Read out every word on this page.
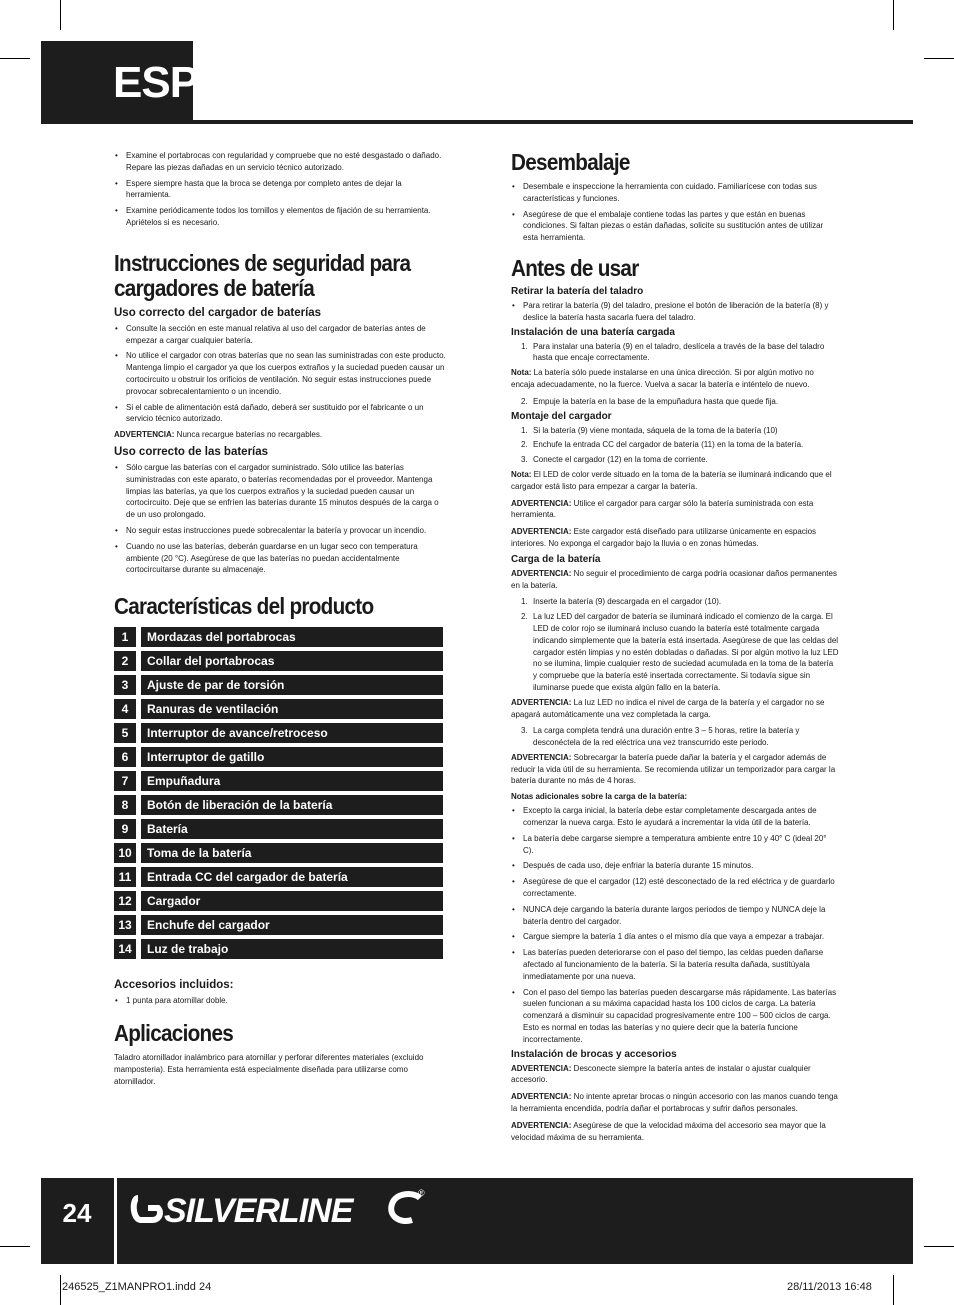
ESP
• Examine el portabrocas con regularidad y compruebe que no esté desgastado o dañado. Repare las piezas dañadas en un servicio técnico autorizado.
• Espere siempre hasta que la broca se detenga por completo antes de dejar la herramienta.
• Examine periódicamente todos los tornillos y elementos de fijación de su herramienta. Apriételos si es necesario.
Instrucciones de seguridad para cargadores de batería
Uso correcto del cargador de baterías
• Consulte la sección en este manual relativa al uso del cargador de baterías antes de empezar a cargar cualquier batería.
• No utilice el cargador con otras baterías que no sean las suministradas con este producto. Mantenga limpio el cargador ya que los cuerpos extraños y la suciedad pueden causar un cortocircuito u obstruir los orificios de ventilación. No seguir estas instrucciones puede provocar sobrecalentamiento o un incendio.
• Si el cable de alimentación está dañado, deberá ser sustituido por el fabricante o un servicio técnico autorizado.

ADVERTENCIA: Nunca recargue baterías no recargables.

Uso correcto de las baterías
• Sólo cargue las baterías con el cargador suministrado. Sólo utilice las baterías suministradas con este aparato, o baterías recomendadas por el proveedor. Mantenga limpias las baterías, ya que los cuerpos extraños y la suciedad pueden causar un cortocircuito. Deje que se enfríen las baterías durante 15 minutos después de la carga o de un uso prolongado.
• No seguir estas instrucciones puede sobrecalentar la batería y provocar un incendio.
• Cuando no use las baterías, deberán guardarse en un lugar seco con temperatura ambiente (20 °C). Asegúrese de que las baterías no puedan accidentalmente cortocircuitarse durante su almacenaje.
Características del producto
1		Mordazas del portabrocas
2		Collar del portabrocas
3		Ajuste de par de torsión
4		Ranuras de ventilación
5		Interruptor de avance/retroceso
6		Interruptor de gatillo
7		Empuñadura
8		Botón de liberación de la batería
9		Batería
10		Toma de la batería
11		Entrada CC del cargador de batería
12		Cargador
13		Enchufe del cargador
14		Luz de trabajo
Accesorios incluidos:
• 1 punta para atornillar doble.
Aplicaciones

Taladro atornillador inalámbrico para atornillar y perforar diferentes materiales (excluido mamposteria). Esta herramienta está especialmente diseñada para utilizarse como atornillador.

Desembalaje
• Desembale e inspeccione la herramienta con cuidado. Familiarícese con todas sus características y funciones.
• Asegúrese de que el embalaje contiene todas las partes y que están en buenas condiciones. Si faltan piezas o están dañadas, solicite su sustitución antes de utilizar esta herramienta.
Antes de usar
Retirar la batería del taladro
• Para retirar la batería (9) del taladro, presione el botón de liberación de la batería (8) y deslice la batería hasta sacarla fuera del taladro.
Instalación de una batería cargada
1. Para instalar una batería (9) en el taladro, deslícela a través de la base del taladro hasta que encaje correctamente.

Nota: La batería sólo puede instalarse en una única dirección. Si por algún motivo no encaja adecuadamente, no la fuerce. Vuelva a sacar la batería e inténtelo de nuevo.

2. Empuje la batería en la base de la empuñadura hasta que quede fija.
Montaje del cargador
1. Si la batería (9) viene montada, sáquela de la toma de la batería (10)
2. Enchufe la entrada CC del cargador de batería (11) en la toma de la batería.
3. Conecte el cargador (12) en la toma de corriente.

Nota: El LED de color verde situado en la toma de la batería se iluminará indicando que el cargador está listo para empezar a cargar la batería.

ADVERTENCIA: Utilice el cargador para cargar sólo la batería suministrada con esta herramienta.

ADVERTENCIA: Este cargador está diseñado para utilizarse únicamente en espacios interiores. No exponga el cargador bajo la lluvia o en zonas húmedas.

Carga de la batería

ADVERTENCIA: No seguir el procedimiento de carga podría ocasionar daños permanentes en la batería.

1. Inserte la batería (9) descargada en el cargador (10).
2. La luz LED del cargador de batería se iluminará indicado el comienzo de la carga. El LED de color rojo se iluminará incluso cuando la batería esté totalmente cargada indicando simplemente que la batería está insertada. Asegúrese de que las celdas del cargador estén limpias y no estén dobladas o dañadas. Si por algún motivo la luz LED no se ilumina, limpie cualquier resto de suciedad acumulada en la toma de la batería y compruebe que la batería esté insertada correctamente. Si todavía sigue sin iluminarse puede que exista algún fallo en la batería.

ADVERTENCIA: La luz LED no indica el nivel de carga de la batería y el cargador no se apagará automáticamente una vez completada la carga.

3. La carga completa tendrá una duración entre 3 – 5 horas, retire la batería y desconéctela de la red eléctrica una vez transcurrido este periodo.

ADVERTENCIA: Sobrecargar la batería puede dañar la batería y el cargador además de reducir la vida útil de su herramienta. Se recomienda utilizar un temporizador para cargar la batería durante no más de 4 horas.

Notas adicionales sobre la carga de la batería:
• Excepto la carga inicial, la batería debe estar completamente descargada antes de comenzar la nueva carga. Esto le ayudará a incrementar la vida útil de la batería.
• La batería debe cargarse siempre a temperatura ambiente entre 10 y 40° C (ideal 20° C).
• Después de cada uso, deje enfriar la batería durante 15 minutos.
• Asegúrese de que el cargador (12) esté desconectado de la red eléctrica y de guardarlo correctamente.
• NUNCA deje cargando la batería durante largos periodos de tiempo y NUNCA deje la batería dentro del cargador.
• Cargue siempre la batería 1 día antes o el mismo día que vaya a empezar a trabajar.
• Las baterías pueden deteriorarse con el paso del tiempo, las celdas pueden dañarse afectado al funcionamiento de la batería. Si la batería resulta dañada, sustitúyala inmediatamente por una nueva.
• Con el paso del tiempo las baterías pueden descargarse más rápidamente. Las baterías suelen funcionan a su máxima capacidad hasta los 100 ciclos de carga. La batería comenzará a disminuir su capacidad progresivamente entre 100 – 500 ciclos de carga. Esto es normal en todas las baterías y no quiere decir que la batería funcione incorrectamente.
Instalación de brocas y accesorios

ADVERTENCIA: Desconecte siempre la batería antes de instalar o ajustar cualquier accesorio.

ADVERTENCIA: No intente apretar brocas o ningún accesorio con las manos cuando tenga la herramienta encendida, podría dañar el portabrocas y sufrir daños personales.

ADVERTENCIA: Asegúrese de que la velocidad máxima del accesorio sea mayor que la velocidad máxima de su herramienta.

24	SILVERLINE	®
246525_Z1MANPRO1.indd 24	28/11/2013 16:48
